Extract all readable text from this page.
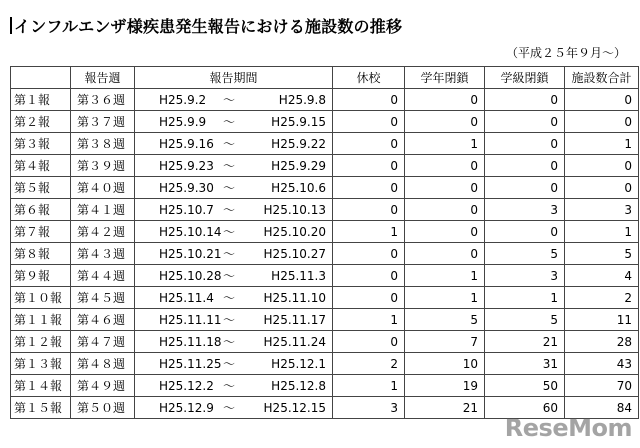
インフルエンザ様疾患発生報告における施設数の推移
（平成２５年９月～）
	報告週	報告期間	休校	学年閉鎖	学級閉鎖	施設数合計
第１報	第３６週	H25.9.2 ～ H25.9.8	0	0	0	0
第２報	第３７週	H25.9.9 ～ H25.9.15	0	0	0	0
第３報	第３８週	H25.9.16 ～ H25.9.22	0	1	0	1
第４報	第３９週	H25.9.23 ～ H25.9.29	0	0	0	0
第５報	第４０週	H25.9.30 ～ H25.10.6	0	0	0	0
第６報	第４１週	H25.10.7 ～ H25.10.13	0	0	3	3
第７報	第４２週	H25.10.14 ～ H25.10.20	1	0	0	1
第８報	第４３週	H25.10.21 ～ H25.10.27	0	0	5	5
第９報	第４４週	H25.10.28 ～ H25.11.3	0	1	3	4
第１０報	第４５週	H25.11.4 ～ H25.11.10	0	1	1	2
第１１報	第４６週	H25.11.11 ～ H25.11.17	1	5	5	11
第１２報	第４７週	H25.11.18 ～ H25.11.24	0	7	21	28
第１３報	第４８週	H25.11.25 ～ H25.12.1	2	10	31	43
第１４報	第４９週	H25.12.2 ～ H25.12.8	1	19	50	70
第１５報	第５０週	H25.12.9 ～ H25.12.15	3	21	60	84
ReseMom
